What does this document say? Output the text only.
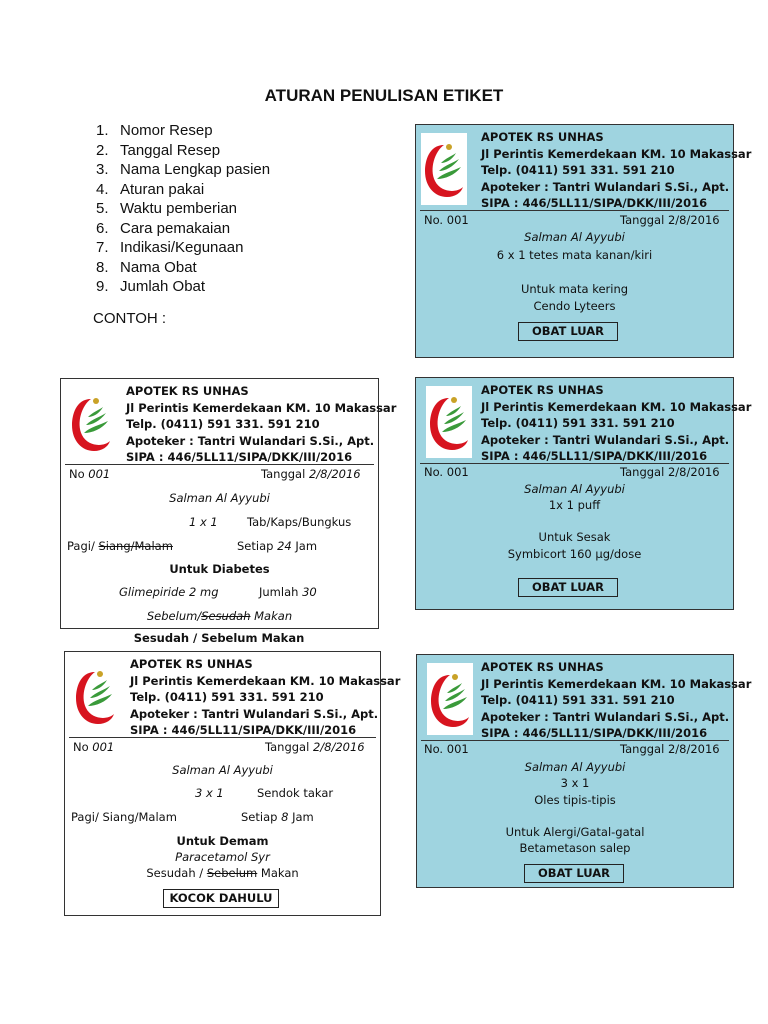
ATURAN PENULISAN ETIKET
1. Nomor Resep
2. Tanggal Resep
3. Nama Lengkap pasien
4. Aturan pakai
5. Waktu pemberian
6. Cara pemakaian
7. Indikasi/Kegunaan
8. Nama Obat
9. Jumlah Obat
CONTOH :
APOTEK RS UNHAS
Jl Perintis Kemerdekaan KM. 10 Makassar
Telp. (0411) 591 331. 591 210
Apoteker : Tantri Wulandari S.Si., Apt.
SIPA : 446/5LL11/SIPA/DKK/III/2016
No. 001	Tanggal 2/8/2016
Salman Al Ayyubi
6 x 1 tetes mata kanan/kiri
Untuk mata kering
Cendo Lyteers
OBAT LUAR
APOTEK RS UNHAS
Jl Perintis Kemerdekaan KM. 10 Makassar
Telp. (0411) 591 331. 591 210
Apoteker : Tantri Wulandari S.Si., Apt.
SIPA : 446/5LL11/SIPA/DKK/III/2016
No 001	Tanggal 2/8/2016
Salman Al Ayyubi
1 x 1	Tab/Kaps/Bungkus
Pagi/ Siang/Malam	Setiap 24 Jam
Untuk Diabetes
Glimepiride 2 mg	Jumlah 30
Sebelum/Sesudah Makan
Sesudah / Sebelum Makan
APOTEK RS UNHAS
Jl Perintis Kemerdekaan KM. 10 Makassar
Telp. (0411) 591 331. 591 210
Apoteker : Tantri Wulandari S.Si., Apt.
SIPA : 446/5LL11/SIPA/DKK/III/2016
No. 001	Tanggal 2/8/2016
Salman Al Ayyubi
1x 1 puff
Untuk Sesak
Symbicort 160 µg/dose
OBAT LUAR
APOTEK RS UNHAS
Jl Perintis Kemerdekaan KM. 10 Makassar
Telp. (0411) 591 331. 591 210
Apoteker : Tantri Wulandari S.Si., Apt.
SIPA : 446/5LL11/SIPA/DKK/III/2016
No 001	Tanggal 2/8/2016
Salman Al Ayyubi
3 x 1	Sendok takar
Pagi/ Siang/Malam	Setiap 8 Jam
Untuk Demam
Paracetamol Syr
Sesudah / Sebelum Makan
KOCOK DAHULU
APOTEK RS UNHAS
Jl Perintis Kemerdekaan KM. 10 Makassar
Telp. (0411) 591 331. 591 210
Apoteker : Tantri Wulandari S.Si., Apt.
SIPA : 446/5LL11/SIPA/DKK/III/2016
No. 001	Tanggal 2/8/2016
Salman Al Ayyubi
3 x 1
Oles tipis-tipis
Untuk Alergi/Gatal-gatal
Betametason salep
OBAT LUAR
